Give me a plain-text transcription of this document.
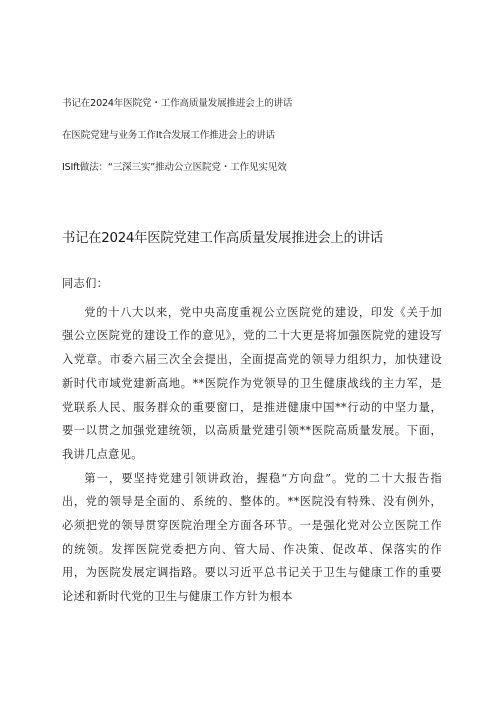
书记在2024年医院党・工作高质量发展推进会上的讲话
在医院党建与业务工作It合发展工作推进会上的讲话
ISIft做法：“三深三实”推动公立医院党・工作见实见效
书记在2024年医院党建工作高质量发展推进会上的讲话

同志们：

党的十八大以来，党中央高度重视公立医院党的建设，印发《关于加强公立医院党的建设工作的意见》，党的二十大更是将加强医院党的建设写入党章。市委六届三次全会提出，全面提高党的领导力组织力，加快建设新时代市域党建新高地。**医院作为党领导的卫生健康战线的主力军，是党联系人民、服务群众的重要窗口，是推进健康中国**行动的中坚力量，要一以贯之加强党建统领，以高质量党建引领**医院高质量发展。下面，我讲几点意见。

第一，要坚持党建引领讲政治，握稳“方向盘”。党的二十大报告指出，党的领导是全面的、系统的、整体的。**医院没有特殊、没有例外，必须把党的领导贯穿医院治理全方面各环节。一是强化党对公立医院工作的统领。发挥医院党委把方向、管大局、作决策、促改革、保落实的作用，为医院发展定调指路。要以习近平总书记关于卫生与健康工作的重要论述和新时代党的卫生与健康工作方针为根本
